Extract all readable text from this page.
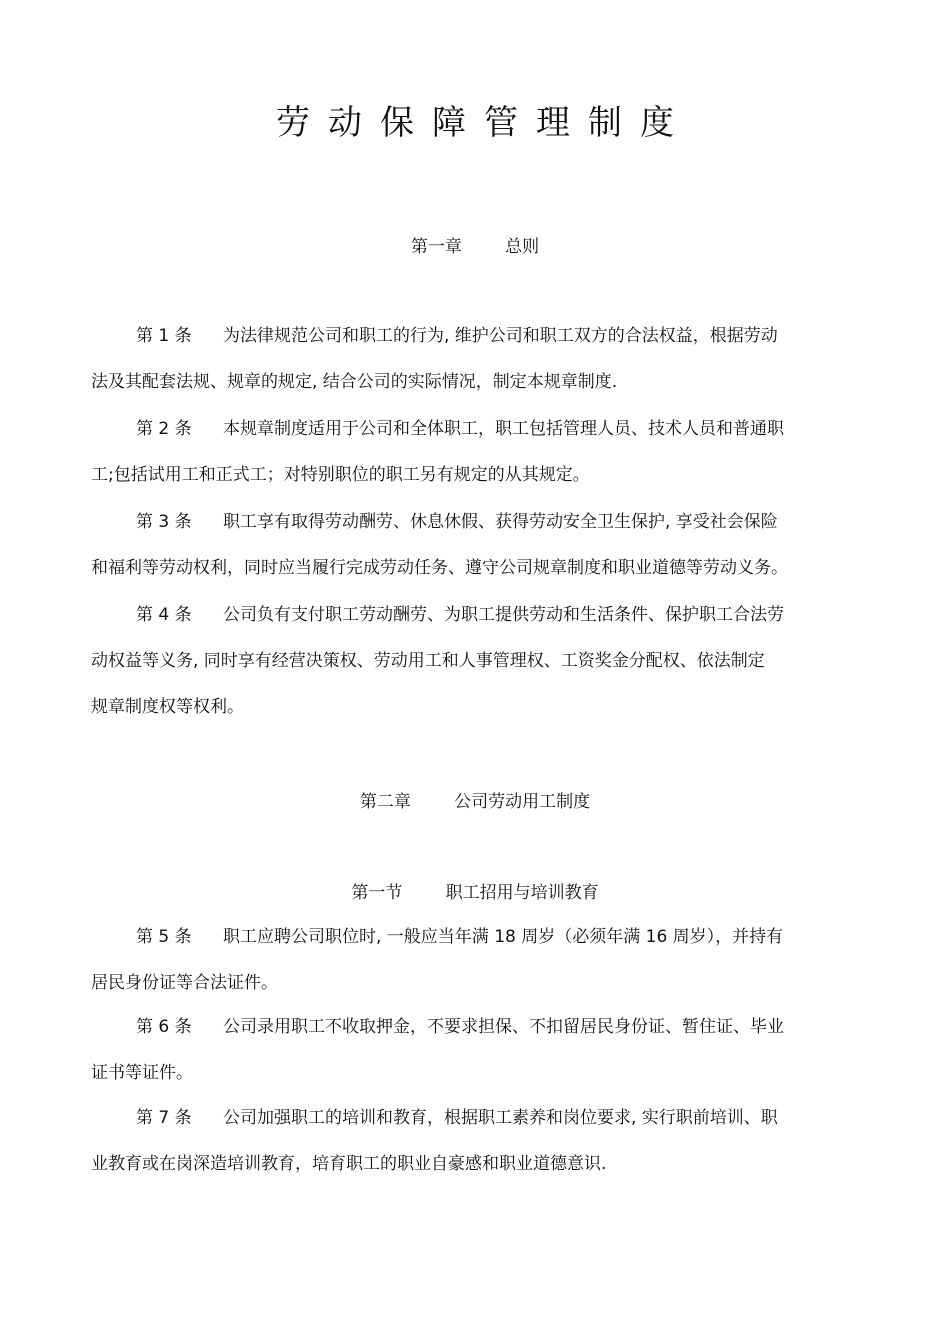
劳动保障管理制度
第一章        总则
第 1 条 为法律规范公司和职工的行为, 维护公司和职工双方的合法权益，根据劳动
法及其配套法规、规章的规定, 结合公司的实际情况，制定本规章制度.
第 2 条 本规章制度适用于公司和全体职工，职工包括管理人员、技术人员和普通职
工;包括试用工和正式工；对特别职位的职工另有规定的从其规定。
第 3 条 职工享有取得劳动酬劳、休息休假、获得劳动安全卫生保护, 享受社会保险
和福利等劳动权利，同时应当履行完成劳动任务、遵守公司规章制度和职业道德等劳动义务。
第 4 条 公司负有支付职工劳动酬劳、为职工提供劳动和生活条件、保护职工合法劳
动权益等义务, 同时享有经营决策权、劳动用工和人事管理权、工资奖金分配权、依法制定
规章制度权等权利。
第二章        公司劳动用工制度
第一节        职工招用与培训教育
第 5 条 职工应聘公司职位时, 一般应当年满 18 周岁（必须年满 16 周岁），并持有
居民身份证等合法证件。
第 6 条 公司录用职工不收取押金，不要求担保、不扣留居民身份证、暂住证、毕业
证书等证件。
第 7 条 公司加强职工的培训和教育，根据职工素养和岗位要求, 实行职前培训、职
业教育或在岗深造培训教育，培育职工的职业自豪感和职业道德意识.
